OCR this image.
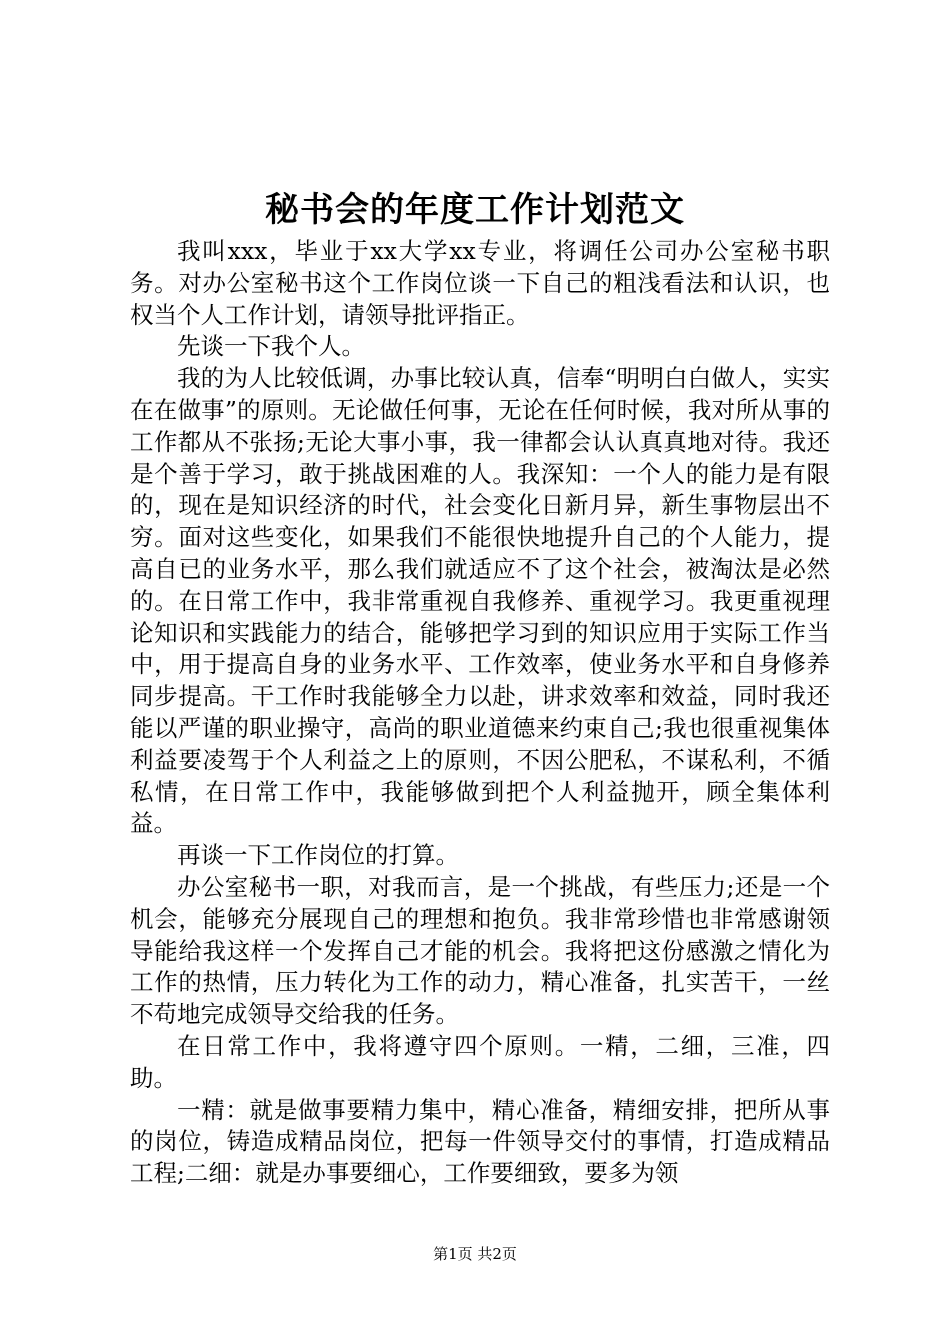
秘书会的年度工作计划范文

我叫xxx，毕业于xx大学xx专业，将调任公司办公室秘书职务。对办公室秘书这个工作岗位谈一下自己的粗浅看法和认识，也权当个人工作计划，请领导批评指正。

先谈一下我个人。

我的为人比较低调，办事比较认真，信奉“明明白白做人，实实在在做事”的原则。无论做任何事，无论在任何时候，我对所从事的工作都从不张扬;无论大事小事，我一律都会认认真真地对待。我还是个善于学习，敢于挑战困难的人。我深知：一个人的能力是有限的，现在是知识经济的时代，社会变化日新月异，新生事物层出不穷。面对这些变化，如果我们不能很快地提升自己的个人能力，提高自已的业务水平，那么我们就适应不了这个社会，被淘汰是必然的。在日常工作中，我非常重视自我修养、重视学习。我更重视理论知识和实践能力的结合，能够把学习到的知识应用于实际工作当中，用于提高自身的业务水平、工作效率，使业务水平和自身修养同步提高。干工作时我能够全力以赴，讲求效率和效益，同时我还能以严谨的职业操守，高尚的职业道德来约束自己;我也很重视集体利益要凌驾于个人利益之上的原则，不因公肥私，不谋私利，不循私情，在日常工作中，我能够做到把个人利益抛开，顾全集体利益。

再谈一下工作岗位的打算。

办公室秘书一职，对我而言，是一个挑战，有些压力;还是一个机会，能够充分展现自己的理想和抱负。我非常珍惜也非常感谢领导能给我这样一个发挥自己才能的机会。我将把这份感激之情化为工作的热情，压力转化为工作的动力，精心准备，扎实苦干，一丝不苟地完成领导交给我的任务。

在日常工作中，我将遵守四个原则。一精，二细，三准，四助。

一精：就是做事要精力集中，精心准备，精细安排，把所从事的岗位，铸造成精品岗位，把每一件领导交付的事情，打造成精品工程;二细：就是办事要细心，工作要细致，要多为领

第1页 共2页
